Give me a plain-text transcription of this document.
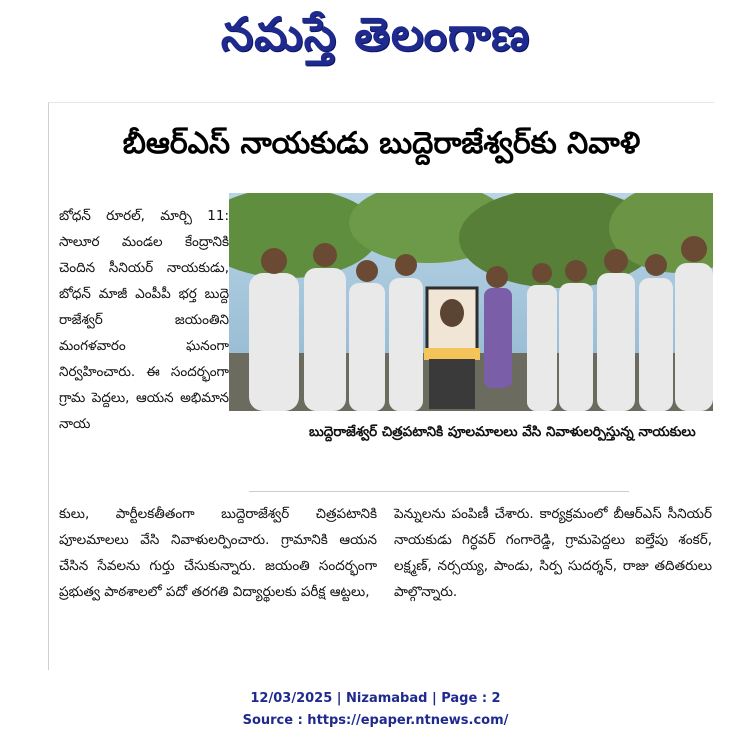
నమస్తే తెలంగాణ
బీఆర్ఎస్ నాయకుడు బుద్దెరాజేశ్వర్‌కు నివాళి

బోధన్ రూరల్, మార్చి 11: సాలూర మండల కేంద్రానికి చెందిన సీనియర్ నాయకుడు, బోధన్ మాజీ ఎంపీపీ భర్త బుద్దె రాజేశ్వర్ జయంతిని మంగళవారం ఘనంగా నిర్వహించారు. ఈ సందర్భంగా గ్రామ పెద్దలు, ఆయన అభిమాన నాయ	బుద్దెరాజేశ్వర్ చిత్రపటానికి పూలమాలలు వేసి నివాళులర్పిస్తున్న నాయకులు

కులు, పార్టీలకతీతంగా బుద్దెరాజేశ్వర్ చిత్రపటానికి పూలమాలలు వేసి నివాళులర్పించారు. గ్రామానికి ఆయన చేసిన సేవలను గుర్తు చేసుకున్నారు. జయంతి సందర్భంగా ప్రభుత్వ పాఠశాలలో పదో తరగతి విద్యార్థులకు పరీక్ష ఆట్టలు,

పెన్నులను పంపిణీ చేశారు. కార్యక్రమంలో బీఆర్ఎస్ సీనియర్ నాయకుడు గిర్ధవర్ గంగారెడ్డి, గ్రామపెద్దలు ఐల్తేపు శంకర్, లక్ష్మణ్, నర్సయ్య, పాండు, సిర్ప సుదర్శన్, రాజు తదితరులు పాల్గొన్నారు.

12/03/2025 | Nizamabad | Page : 2
Source : https://epaper.ntnews.com/
